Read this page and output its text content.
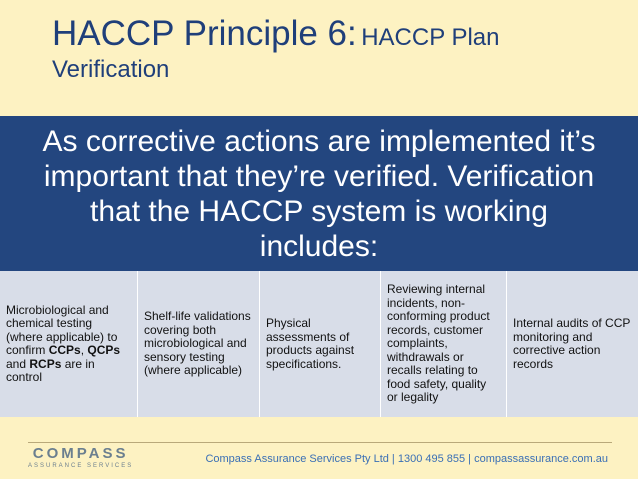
HACCP Principle 6: HACCP Plan
Verification

As corrective actions are implemented it’s important that they’re verified. Verification that the HACCP system is working includes:

Microbiological and chemical testing (where applicable) to confirm CCPs, QCPs and RCPs are in control
Shelf-life validations covering both microbiological and sensory testing (where applicable)
Physical assessments of products against specifications.
Reviewing internal incidents, non-conforming product records, customer complaints, withdrawals or recalls relating to food safety, quality or legality
Internal audits of CCP monitoring and corrective action records
COMPASS
ASSURANCE SERVICES
Compass Assurance Services Pty Ltd | 1300 495 855 | compassassurance.com.au
